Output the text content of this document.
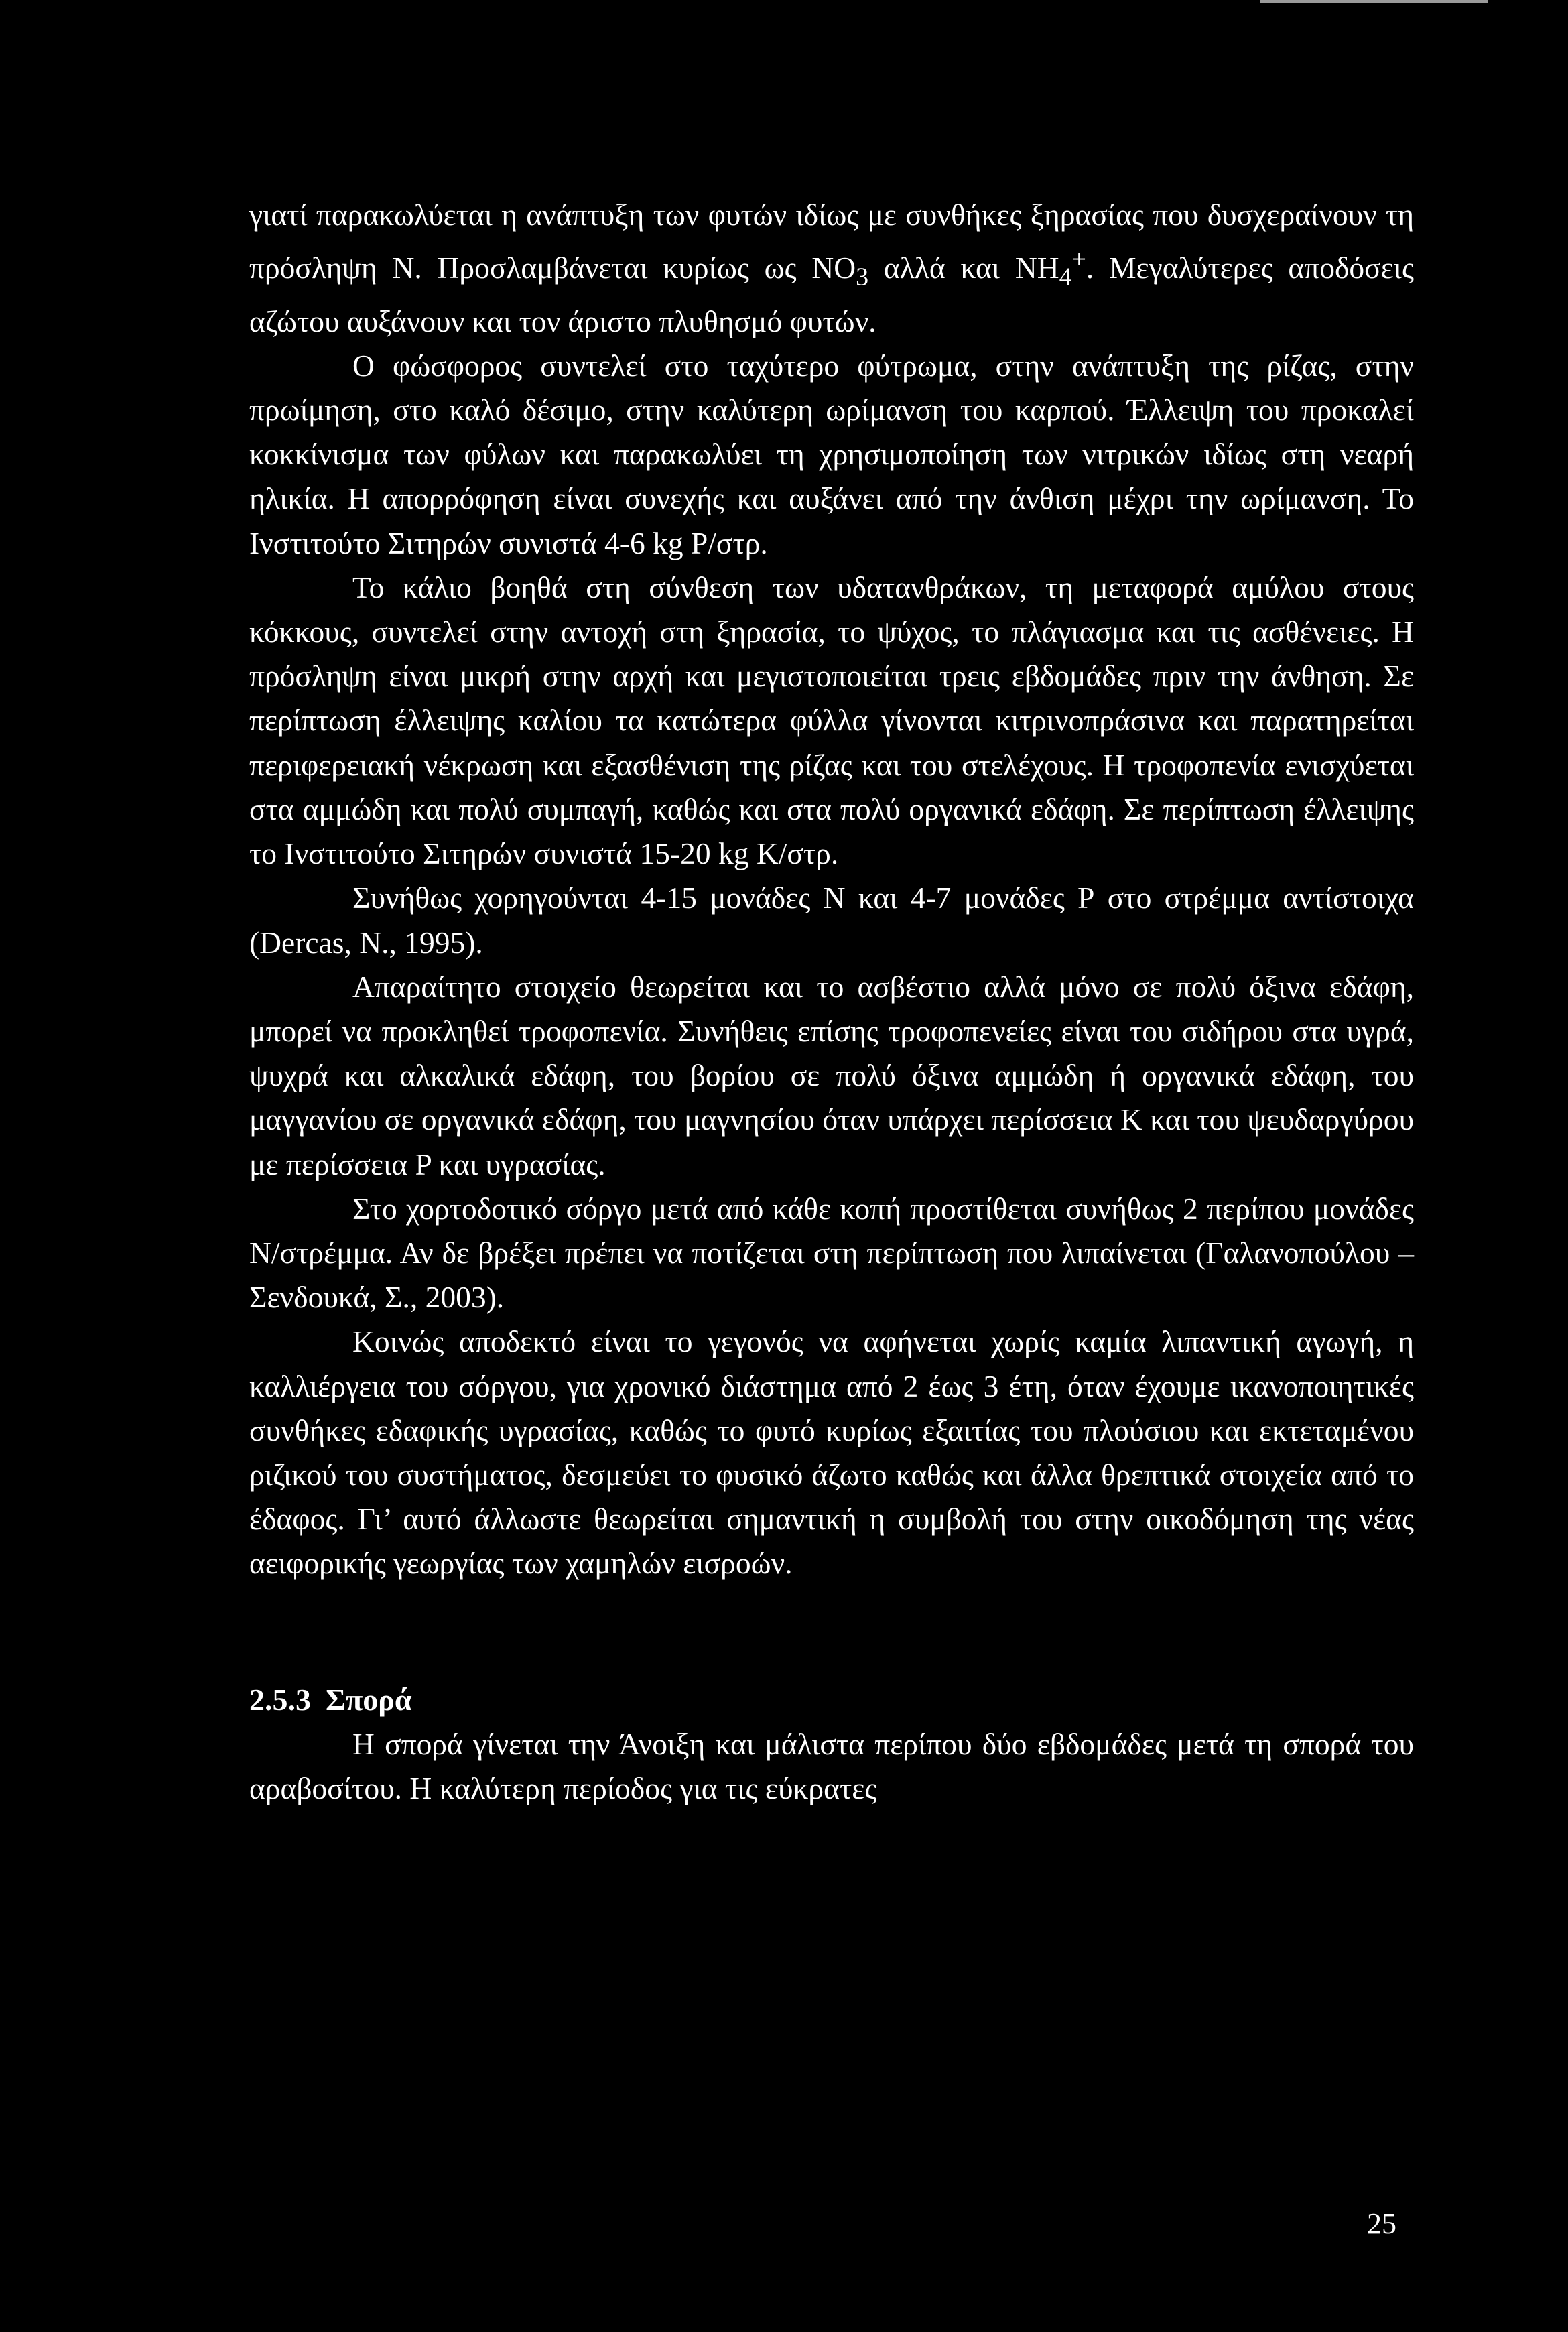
γιατί παρακωλύεται η ανάπτυξη των φυτών ιδίως με συνθήκες ξηρασίας που δυσχεραίνουν τη πρόσληψη Ν. Προσλαμβάνεται κυρίως ως $NO_3$ αλλά και $NH_4^+$. Μεγαλύτερες αποδόσεις αζώτου αυξάνουν και τον άριστο πλυθησμό φυτών.

Ο φώσφορος συντελεί στο ταχύτερο φύτρωμα, στην ανάπτυξη της ρίζας, στην πρωίμηση, στο καλό δέσιμο, στην καλύτερη ωρίμανση του καρπού. Έλλειψη του προκαλεί κοκκίνισμα των φύλων και παρακωλύει τη χρησιμοποίηση των νιτρικών ιδίως στη νεαρή ηλικία. Η απορρόφηση είναι συνεχής και αυξάνει από την άνθιση μέχρι την ωρίμανση. Το Ινστιτούτο Σιτηρών συνιστά 4-6 kg P/στρ.

Το κάλιο βοηθά στη σύνθεση των υδατανθράκων, τη μεταφορά αμύλου στους κόκκους, συντελεί στην αντοχή στη ξηρασία, το ψύχος, το πλάγιασμα και τις ασθένειες. Η πρόσληψη είναι μικρή στην αρχή και μεγιστοποιείται τρεις εβδομάδες πριν την άνθηση. Σε περίπτωση έλλειψης καλίου τα κατώτερα φύλλα γίνονται κιτρινοπράσινα και παρατηρείται περιφερειακή νέκρωση και εξασθένιση της ρίζας και του στελέχους. Η τροφοπενία ενισχύεται στα αμμώδη και πολύ συμπαγή, καθώς και στα πολύ οργανικά εδάφη. Σε περίπτωση έλλειψης το Ινστιτούτο Σιτηρών συνιστά 15-20 kg K/στρ.

Συνήθως χορηγούνται 4-15 μονάδες Ν και 4-7 μονάδες Ρ στο στρέμμα αντίστοιχα (Dercas, N., 1995).

Απαραίτητο στοιχείο θεωρείται και το ασβέστιο αλλά μόνο σε πολύ όξινα εδάφη, μπορεί να προκληθεί τροφοπενία. Συνήθεις επίσης τροφοπενείες είναι του σιδήρου στα υγρά, ψυχρά και αλκαλικά εδάφη, του βορίου σε πολύ όξινα αμμώδη ή οργανικά εδάφη, του μαγγανίου σε οργανικά εδάφη, του μαγνησίου όταν υπάρχει περίσσεια Κ και του ψευδαργύρου με περίσσεια P και υγρασίας.

Στο χορτοδοτικό σόργο μετά από κάθε κοπή προστίθεται συνήθως 2 περίπου μονάδες Ν/στρέμμα. Αν δε βρέξει πρέπει να ποτίζεται στη περίπτωση που λιπαίνεται (Γαλανοπούλου – Σενδουκά, Σ., 2003).

Κοινώς αποδεκτό είναι το γεγονός να αφήνεται χωρίς καμία λιπαντική αγωγή, η καλλιέργεια του σόργου, για χρονικό διάστημα από 2 έως 3 έτη, όταν έχουμε ικανοποιητικές συνθήκες εδαφικής υγρασίας, καθώς το φυτό κυρίως εξαιτίας του πλούσιου και εκτεταμένου ριζικού του συστήματος, δεσμεύει το φυσικό άζωτο καθώς και άλλα θρεπτικά στοιχεία από το έδαφος. Γι’ αυτό άλλωστε θεωρείται σημαντική η συμβολή του στην οικοδόμηση της νέας αειφορικής γεωργίας των χαμηλών εισροών.

2.5.3 Σπορά

Η σπορά γίνεται την Άνοιξη και μάλιστα περίπου δύο εβδομάδες μετά τη σπορά του αραβοσίτου. Η καλύτερη περίοδος για τις εύκρατες

25
